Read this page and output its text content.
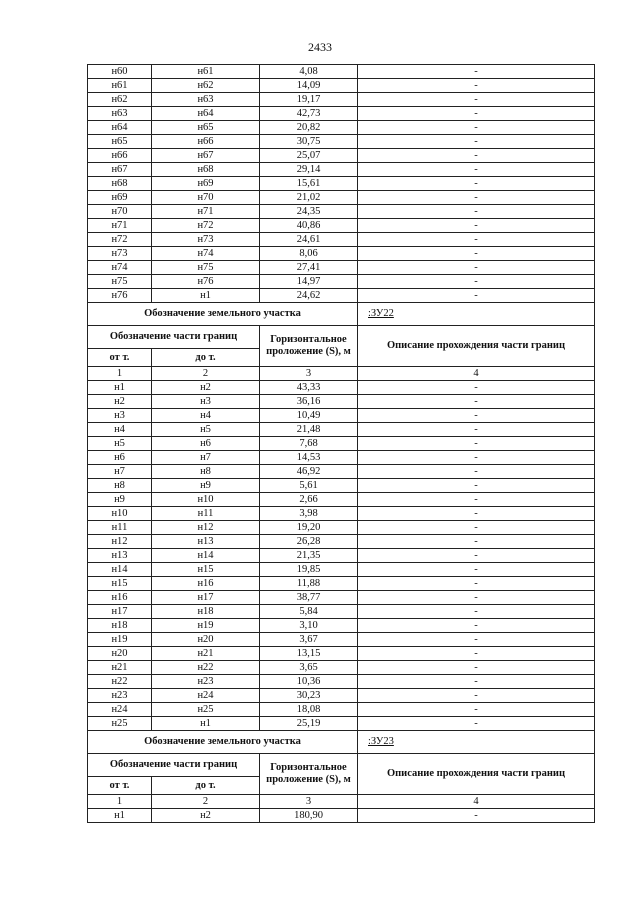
2433
н60	н61	4,08	-
н61	н62	14,09	-
н62	н63	19,17	-
н63	н64	42,73	-
н64	н65	20,82	-
н65	н66	30,75	-
н66	н67	25,07	-
н67	н68	29,14	-
н68	н69	15,61	-
н69	н70	21,02	-
н70	н71	24,35	-
н71	н72	40,86	-
н72	н73	24,61	-
н73	н74	8,06	-
н74	н75	27,41	-
н75	н76	14,97	-
н76	н1	24,62	-
Обозначение земельного участка			:ЗУ22
Обозначение части границ		Горизонтальное проложение (S), м	Описание прохождения части границ
от т.	до т.		
1	2	3	4
н1	н2	43,33	-
н2	н3	36,16	-
н3	н4	10,49	-
н4	н5	21,48	-
н5	н6	7,68	-
н6	н7	14,53	-
н7	н8	46,92	-
н8	н9	5,61	-
н9	н10	2,66	-
н10	н11	3,98	-
н11	н12	19,20	-
н12	н13	26,28	-
н13	н14	21,35	-
н14	н15	19,85	-
н15	н16	11,88	-
н16	н17	38,77	-
н17	н18	5,84	-
н18	н19	3,10	-
н19	н20	3,67	-
н20	н21	13,15	-
н21	н22	3,65	-
н22	н23	10,36	-
н23	н24	30,23	-
н24	н25	18,08	-
н25	н1	25,19	-
Обозначение земельного участка			:ЗУ23
Обозначение части границ		Горизонтальное проложение (S), м	Описание прохождения части границ
от т.	до т.		
1	2	3	4
н1	н2	180,90	-
